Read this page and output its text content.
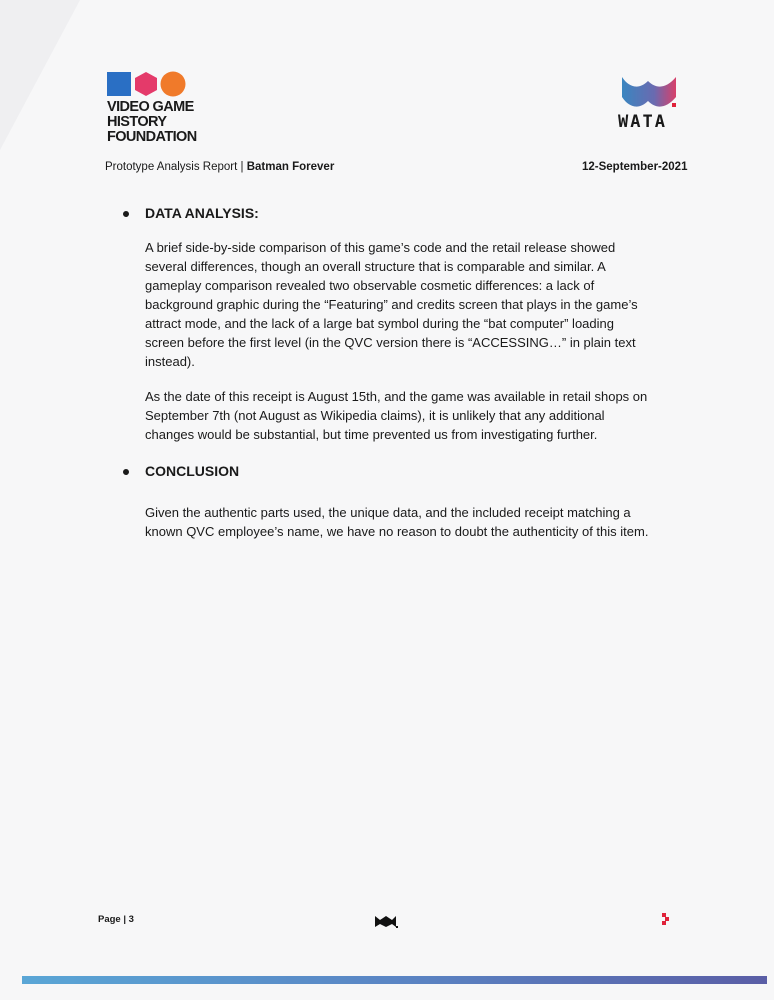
VIDEO GAME
HISTORY
FOUNDATION
WATA
Prototype Analysis Report | Batman Forever	12-September-2021
DATA ANALYSIS:
A brief side-by-side comparison of this game’s code and the retail release showed
several differences, though an overall structure that is comparable and similar. A
gameplay comparison revealed two observable cosmetic differences: a lack of
background graphic during the “Featuring” and credits screen that plays in the game’s
attract mode, and the lack of a large bat symbol during the “bat computer” loading
screen before the first level (in the QVC version there is “ACCESSING…” in plain text
instead).
As the date of this receipt is August 15th, and the game was available in retail shops on
September 7th (not August as Wikipedia claims), it is unlikely that any additional
changes would be substantial, but time prevented us from investigating further.
CONCLUSION
Given the authentic parts used, the unique data, and the included receipt matching a
known QVC employee’s name, we have no reason to doubt the authenticity of this item.
Page | 3
